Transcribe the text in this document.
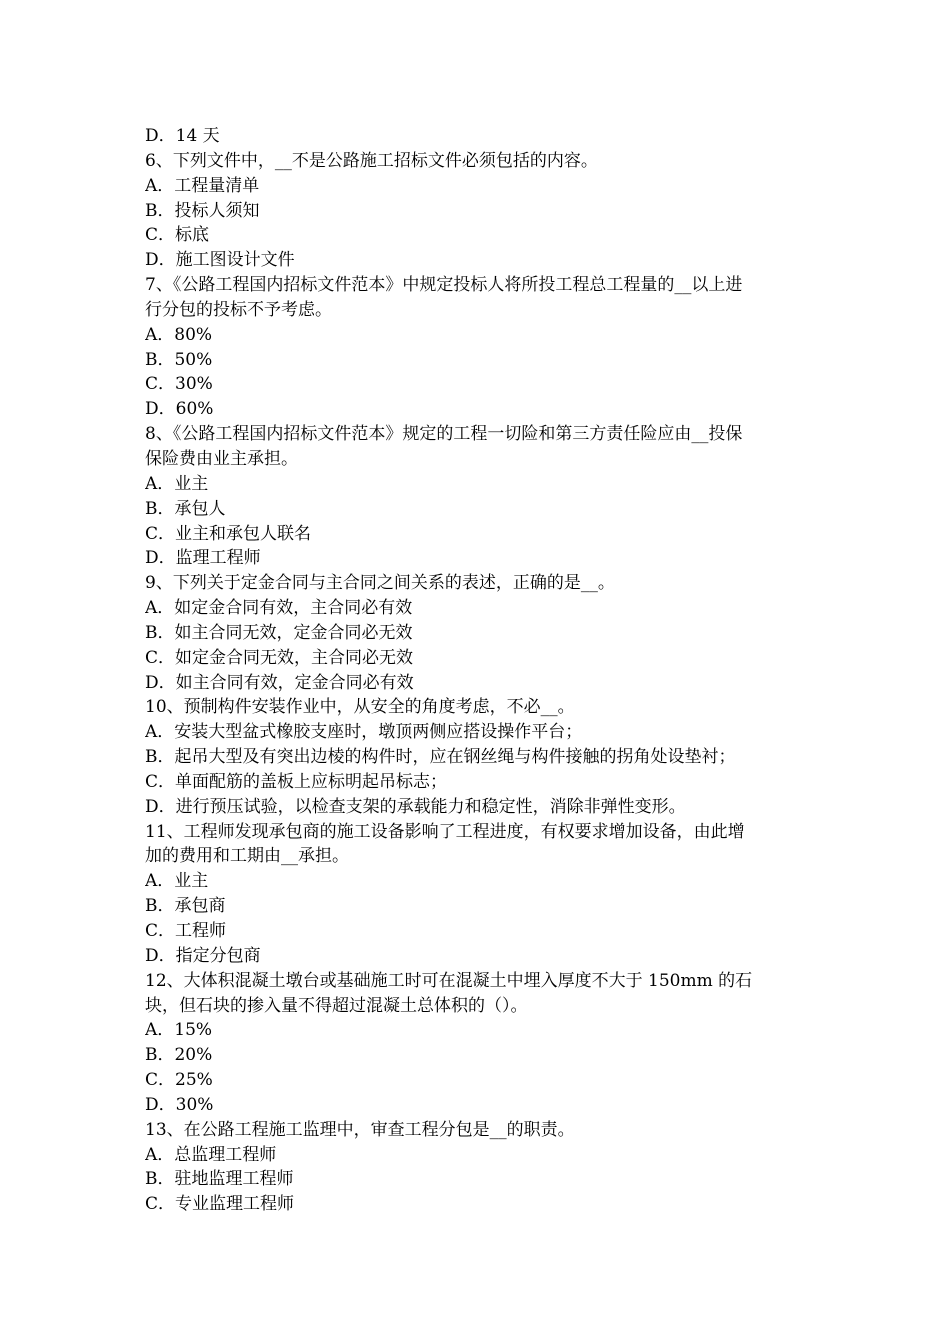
D．14 天
6、下列文件中，__不是公路施工招标文件必须包括的内容。
A．工程量清单
B．投标人须知
C．标底
D．施工图设计文件
7、《公路工程国内招标文件范本》中规定投标人将所投工程总工程量的__以上进
行分包的投标不予考虑。
A．80%
B．50%
C．30%
D．60%
8、《公路工程国内招标文件范本》规定的工程一切险和第三方责任险应由__投保
保险费由业主承担。
A．业主
B．承包人
C．业主和承包人联名
D．监理工程师
9、下列关于定金合同与主合同之间关系的表述，正确的是__。
A．如定金合同有效，主合同必有效
B．如主合同无效，定金合同必无效
C．如定金合同无效，主合同必无效
D．如主合同有效，定金合同必有效
10、预制构件安装作业中，从安全的角度考虑，不必__。
A．安装大型盆式橡胶支座时，墩顶两侧应搭设操作平台；
B．起吊大型及有突出边棱的构件时，应在钢丝绳与构件接触的拐角处设垫衬；
C．单面配筋的盖板上应标明起吊标志；
D．进行预压试验，以检查支架的承载能力和稳定性，消除非弹性变形。
11、工程师发现承包商的施工设备影响了工程进度，有权要求增加设备，由此增
加的费用和工期由__承担。
A．业主
B．承包商
C．工程师
D．指定分包商
12、大体积混凝土墩台或基础施工时可在混凝土中埋入厚度不大于 150mm 的石
块，但石块的掺入量不得超过混凝土总体积的（）。
A．15%
B．20%
C．25%
D．30%
13、在公路工程施工监理中，审查工程分包是__的职责。
A．总监理工程师
B．驻地监理工程师
C．专业监理工程师
